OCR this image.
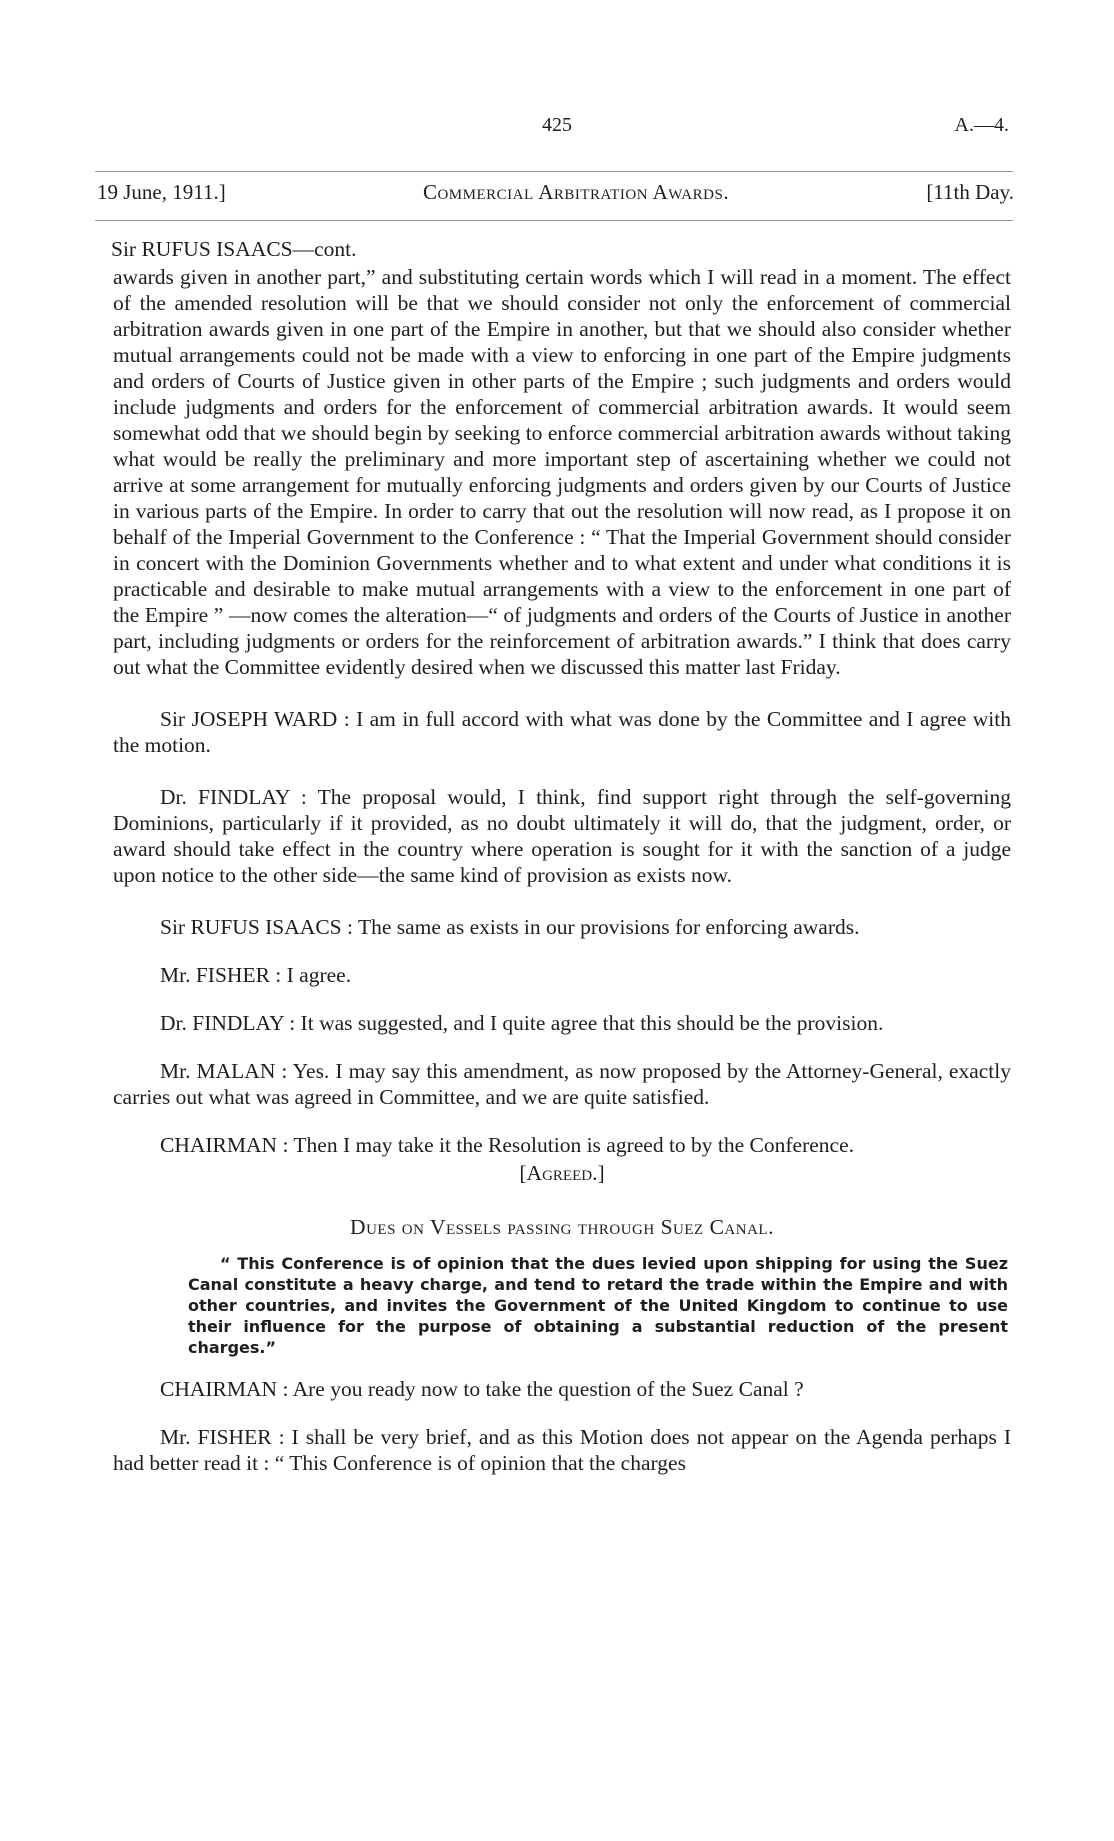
425	A.—4.
19 June, 1911.]	Commercial Arbitration Awards.	[11th Day.

Sir RUFUS ISAACS—cont.

awards given in another part,” and substituting certain words which I will read in a moment. The effect of the amended resolution will be that we should consider not only the enforcement of commercial arbitration awards given in one part of the Empire in another, but that we should also consider whether mutual arrangements could not be made with a view to enforcing in one part of the Empire judgments and orders of Courts of Justice given in other parts of the Empire ; such judgments and orders would include judgments and orders for the enforcement of commercial arbitration awards. It would seem somewhat odd that we should begin by seeking to enforce commercial arbitration awards without taking what would be really the preliminary and more important step of ascertaining whether we could not arrive at some arrangement for mutually enforcing judgments and orders given by our Courts of Justice in various parts of the Empire. In order to carry that out the resolution will now read, as I propose it on behalf of the Imperial Government to the Conference : “ That the Imperial Government should consider in concert with the Dominion Governments whether and to what extent and under what conditions it is practicable and desirable to make mutual arrangements with a view to the enforcement in one part of the Empire ” —now comes the alteration—“ of judgments and orders of the Courts of Justice in another part, including judgments or orders for the reinforcement of arbitration awards.” I think that does carry out what the Committee evidently desired when we discussed this matter last Friday.

Sir JOSEPH WARD : I am in full accord with what was done by the Committee and I agree with the motion.

Dr. FINDLAY : The proposal would, I think, find support right through the self-governing Dominions, particularly if it provided, as no doubt ultimately it will do, that the judgment, order, or award should take effect in the country where operation is sought for it with the sanction of a judge upon notice to the other side—the same kind of provision as exists now.

Sir RUFUS ISAACS : The same as exists in our provisions for enforcing awards.

Mr. FISHER : I agree.

Dr. FINDLAY : It was suggested, and I quite agree that this should be the provision.

Mr. MALAN : Yes. I may say this amendment, as now proposed by the Attorney-General, exactly carries out what was agreed in Committee, and we are quite satisfied.

CHAIRMAN : Then I may take it the Resolution is agreed to by the Conference.

[Agreed.]

Dues on Vessels passing through Suez Canal.

“ This Conference is of opinion that the dues levied upon shipping for using the Suez Canal constitute a heavy charge, and tend to retard the trade within the Empire and with other countries, and invites the Government of the United Kingdom to continue to use their influence for the purpose of obtaining a substantial reduction of the present charges.”

CHAIRMAN : Are you ready now to take the question of the Suez Canal ?

Mr. FISHER : I shall be very brief, and as this Motion does not appear on the Agenda perhaps I had better read it : “ This Conference is of opinion that the charges
